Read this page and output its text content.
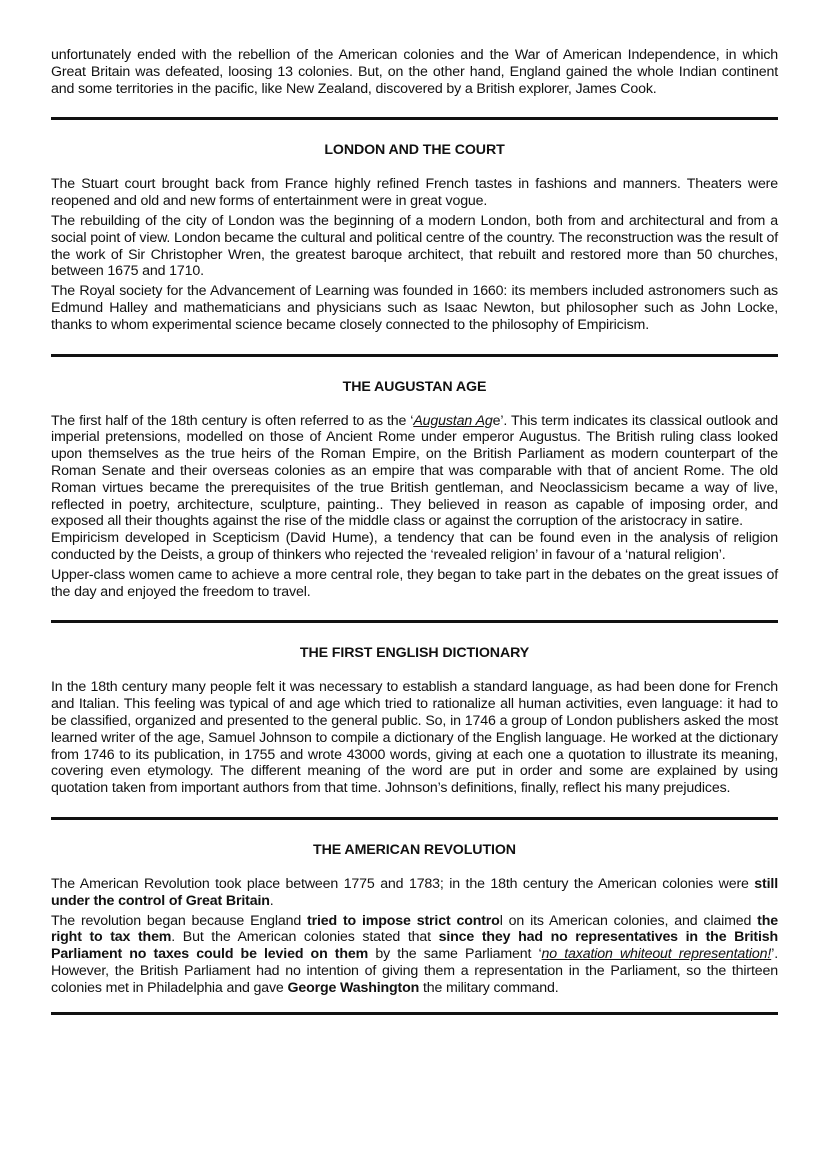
unfortunately ended with the rebellion of the American colonies and the War of American Independence, in which Great Britain was defeated, loosing 13 colonies. But, on the other hand, England gained the whole Indian continent and some territories in the pacific, like New Zealand, discovered by a British explorer, James Cook.

LONDON AND THE COURT

The Stuart court brought back from France highly refined French tastes in fashions and manners. Theaters were reopened and old and new forms of entertainment were in great vogue.

The rebuilding of the city of London was the beginning of a modern London, both from and architectural and from a social point of view. London became the cultural and political centre of the country. The reconstruction was the result of the work of Sir Christopher Wren, the greatest baroque architect, that rebuilt and restored more than 50 churches, between 1675 and 1710.

The Royal society for the Advancement of Learning was founded in 1660: its members included astronomers such as Edmund Halley and mathematicians and physicians such as Isaac Newton, but philosopher such as John Locke, thanks to whom experimental science became closely connected to the philosophy of Empiricism.

THE AUGUSTAN AGE

The first half of the 18th century is often referred to as the ‘Augustan Age’. This term indicates its classical outlook and imperial pretensions, modelled on those of Ancient Rome under emperor Augustus. The British ruling class looked upon themselves as the true heirs of the Roman Empire, on the British Parliament as modern counterpart of the Roman Senate and their overseas colonies as an empire that was comparable with that of ancient Rome. The old Roman virtues became the prerequisites of the true British gentleman, and Neoclassicism became a way of live, reflected in poetry, architecture, sculpture, painting.. They believed in reason as capable of imposing order, and exposed all their thoughts against the rise of the middle class or against the corruption of the aristocracy in satire.

Empiricism developed in Scepticism (David Hume), a tendency that can be found even in the analysis of religion conducted by the Deists, a group of thinkers who rejected the ‘revealed religion’ in favour of a ‘natural religion’.

Upper-class women came to achieve a more central role, they began to take part in the debates on the great issues of the day and enjoyed the freedom to travel.

THE FIRST ENGLISH DICTIONARY

In the 18th century many people felt it was necessary to establish a standard language, as had been done for French and Italian. This feeling was typical of and age which tried to rationalize all human activities, even language: it had to be classified, organized and presented to the general public. So, in 1746 a group of London publishers asked the most learned writer of the age, Samuel Johnson to compile a dictionary of the English language. He worked at the dictionary from 1746 to its publication, in 1755 and wrote 43000 words, giving at each one a quotation to illustrate its meaning, covering even etymology. The different meaning of the word are put in order and some are explained by using quotation taken from important authors from that time. Johnson’s definitions, finally, reflect his many prejudices.

THE AMERICAN REVOLUTION

The American Revolution took place between 1775 and 1783; in the 18th century the American colonies were still under the control of Great Britain.

The revolution began because England tried to impose strict control on its American colonies, and claimed the right to tax them. But the American colonies stated that since they had no representatives in the British Parliament no taxes could be levied on them by the same Parliament ‘no taxation whiteout representation!’. However, the British Parliament had no intention of giving them a representation in the Parliament, so the thirteen colonies met in Philadelphia and gave George Washington the military command.
